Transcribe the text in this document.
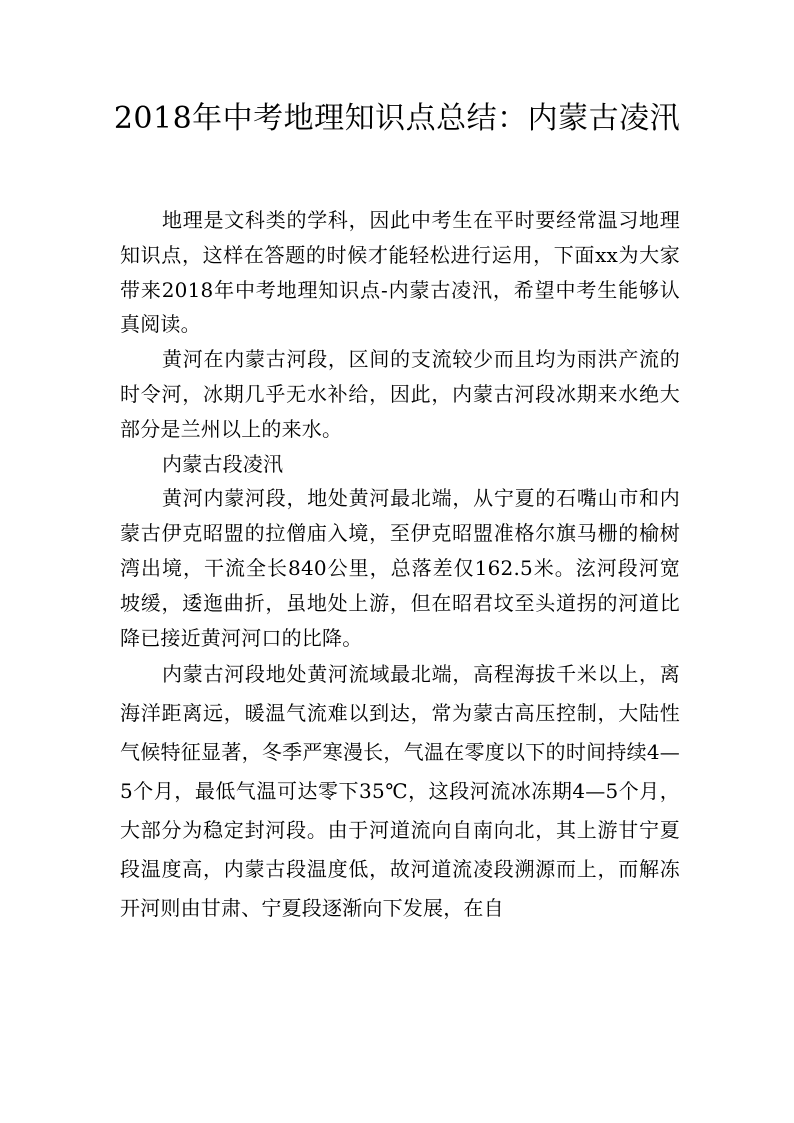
2018年中考地理知识点总结：内蒙古凌汛

地理是文科类的学科，因此中考生在平时要经常温习地理知识点，这样在答题的时候才能轻松进行运用，下面xx为大家带来2018年中考地理知识点-内蒙古凌汛，希望中考生能够认真阅读。

黄河在内蒙古河段，区间的支流较少而且均为雨洪产流的时令河，冰期几乎无水补给，因此，内蒙古河段冰期来水绝大部分是兰州以上的来水。

内蒙古段凌汛

黄河内蒙河段，地处黄河最北端，从宁夏的石嘴山市和内蒙古伊克昭盟的拉僧庙入境，至伊克昭盟准格尔旗马栅的榆树湾出境，干流全长840公里，总落差仅162.5米。泫河段河宽坡缓，逶迤曲折，虽地处上游，但在昭君坟至头道拐的河道比降已接近黄河河口的比降。

内蒙古河段地处黄河流域最北端，高程海拔千米以上，离海洋距离远，暖温气流难以到达，常为蒙古高压控制，大陆性气候特征显著，冬季严寒漫长，气温在零度以下的时间持续4—5个月，最低气温可达零下35℃，这段河流冰冻期4—5个月，大部分为稳定封河段。由于河道流向自南向北，其上游甘宁夏段温度高，内蒙古段温度低，故河道流凌段溯源而上，而解冻开河则由甘肃、宁夏段逐渐向下发展，在自
